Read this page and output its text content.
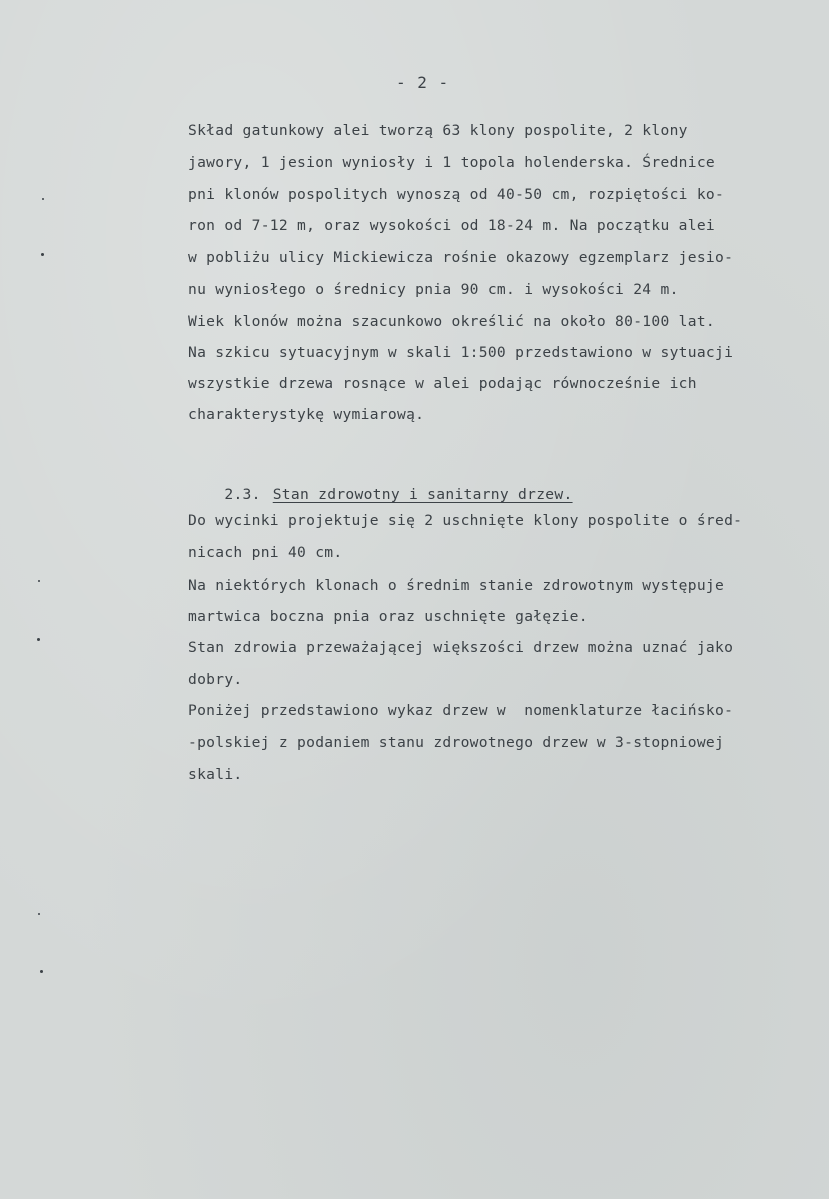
- 2 -
Skład gatunkowy alei tworzą 63 klony pospolite, 2 klony
jawory, 1 jesion wyniosły i 1 topola holenderska. Średnice
pni klonów pospolitych wynoszą od 40-50 cm, rozpiętości ko-
ron od 7-12 m, oraz wysokości od 18-24 m. Na początku alei
w pobliżu ulicy Mickiewicza rośnie okazowy egzemplarz jesio-
nu wyniosłego o średnicy pnia 90 cm. i wysokości 24 m.
Wiek klonów można szacunkowo określić na około 80-100 lat.
Na szkicu sytuacyjnym w skali 1:500 przedstawiono w sytuacji
wszystkie drzewa rosnące w alei podając równocześnie ich
charakterystykę wymiarową.

2.3. Stan zdrowotny i sanitarny drzew.

Do wycinki projektuje się 2 uschnięte klony pospolite o śred-
nicach pni 40 cm.
Na niektórych klonach o średnim stanie zdrowotnym występuje
martwica boczna pnia oraz uschnięte gałęzie.
Stan zdrowia przeważającej większości drzew można uznać jako
dobry.
Poniżej przedstawiono wykaz drzew w  nomenklaturze łacińsko-
-polskiej z podaniem stanu zdrowotnego drzew w 3-stopniowej
skali.
